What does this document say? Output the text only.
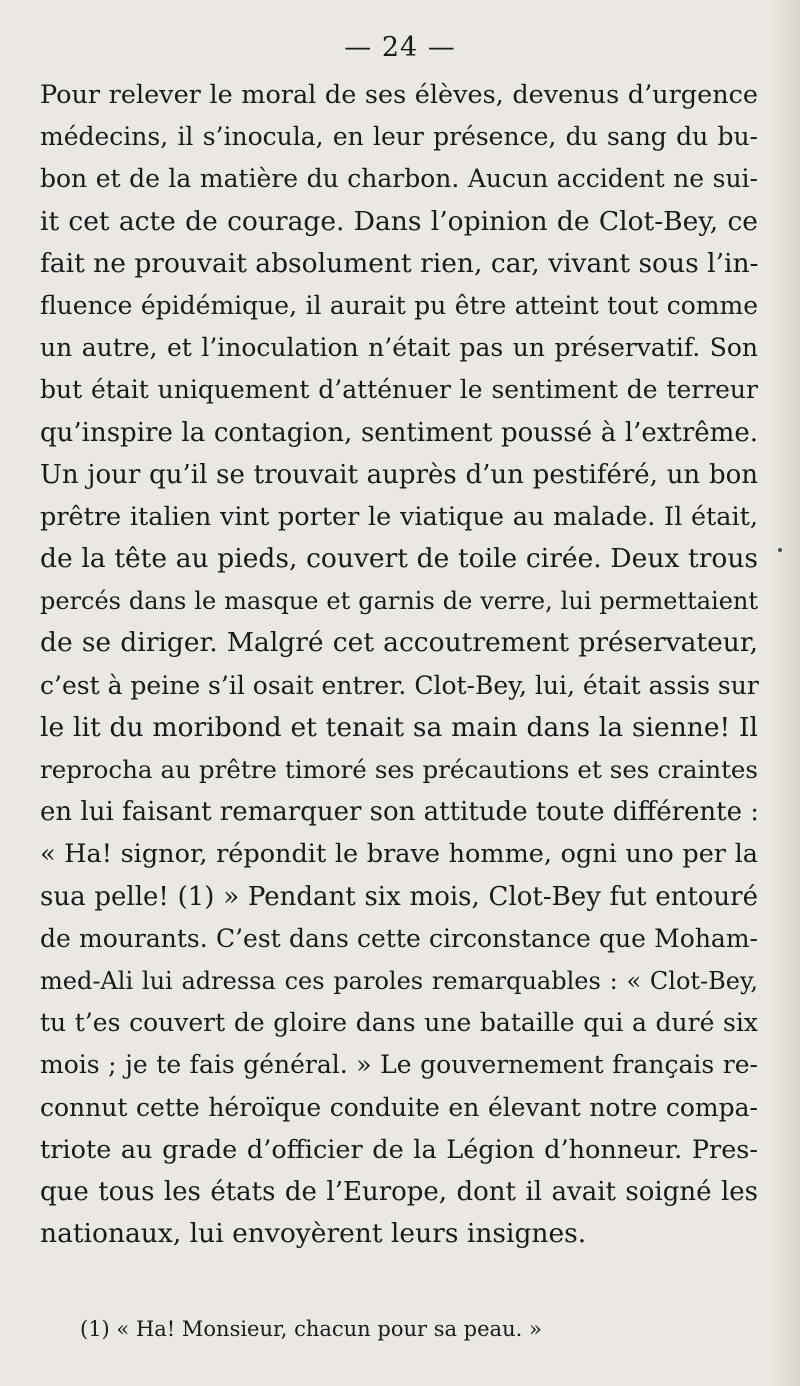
— 24 —
Pour relever le moral de ses élèves, devenus d’urgence
médecins, il s’inocula, en leur présence, du sang du bu-
bon et de la matière du charbon. Aucun accident ne sui-
it cet acte de courage. Dans l’opinion de Clot-Bey, ce
fait ne prouvait absolument rien, car, vivant sous l’in-
fluence épidémique, il aurait pu être atteint tout comme
un autre, et l’inoculation n’était pas un préservatif. Son
but était uniquement d’atténuer le sentiment de terreur
qu’inspire la contagion, sentiment poussé à l’extrême.
Un jour qu’il se trouvait auprès d’un pestiféré, un bon
prêtre italien vint porter le viatique au malade. Il était,
de la tête au pieds, couvert de toile cirée. Deux trous
percés dans le masque et garnis de verre, lui permettaient
de se diriger. Malgré cet accoutrement préservateur,
c’est à peine s’il osait entrer. Clot-Bey, lui, était assis sur
le lit du moribond et tenait sa main dans la sienne! Il
reprocha au prêtre timoré ses précautions et ses craintes
en lui faisant remarquer son attitude toute différente :
« Ha! signor, répondit le brave homme, ogni uno per la
sua pelle! (1) » Pendant six mois, Clot-Bey fut entouré
de mourants. C’est dans cette circonstance que Moham-
med-Ali lui adressa ces paroles remarquables : « Clot-Bey,
tu t’es couvert de gloire dans une bataille qui a duré six
mois ; je te fais général. » Le gouvernement français re-
connut cette héroïque conduite en élevant notre compa-
triote au grade d’officier de la Légion d’honneur. Pres-
que tous les états de l’Europe, dont il avait soigné les
nationaux, lui envoyèrent leurs insignes.
(1) « Ha! Monsieur, chacun pour sa peau. »
